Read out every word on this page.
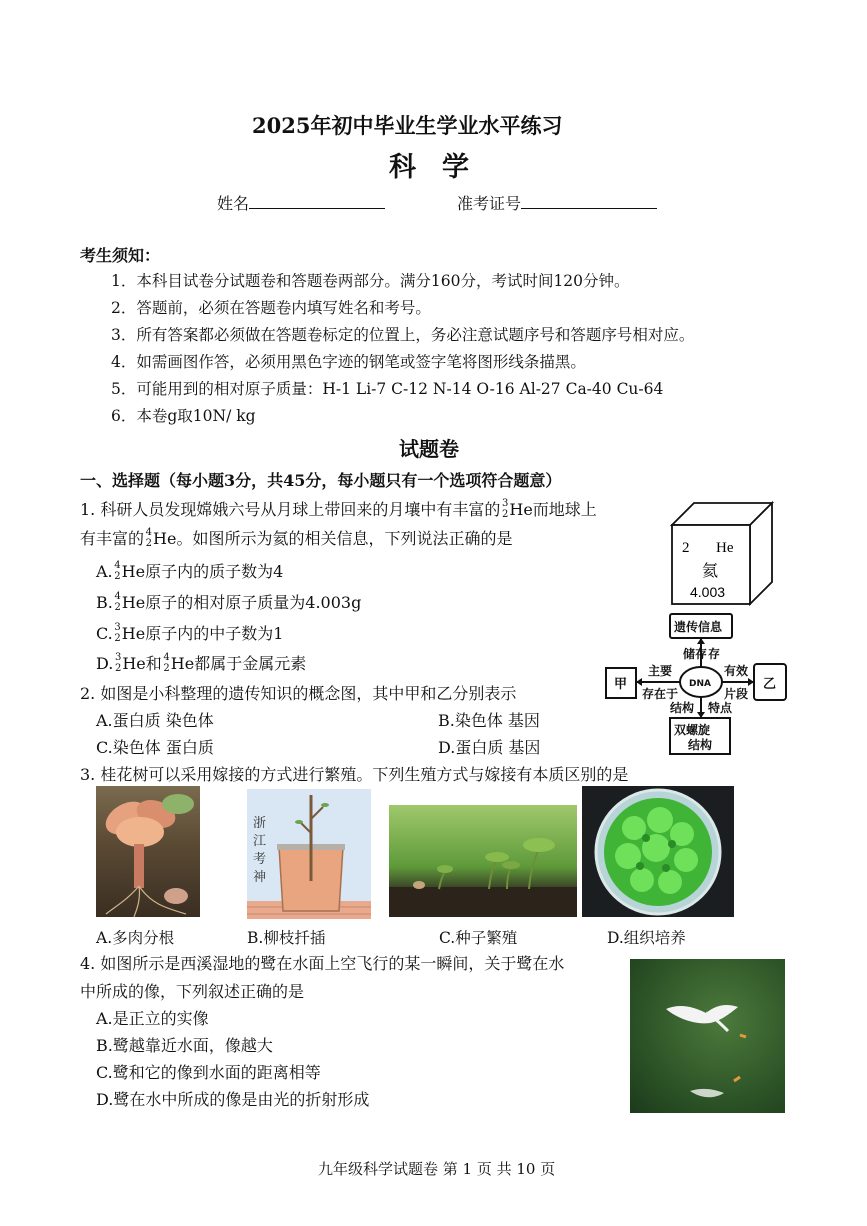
2025年初中毕业生学业水平练习
科学
姓名	准考证号
考生须知：
1．本科目试卷分试题卷和答题卷两部分。满分160分，考试时间120分钟。
2．答题前，必须在答题卷内填写姓名和考号。
3．所有答案都必须做在答题卷标定的位置上，务必注意试题序号和答题序号相对应。
4．如需画图作答，必须用黑色字迹的钢笔或签字笔将图形线条描黑。
5．可能用到的相对原子质量：H-1 Li-7 C-12 N-14 O-16 Al-27 Ca-40 Cu-64
6．本卷g取10N/ kg
试题卷
一、选择题（每小题3分，共45分，每小题只有一个选项符合题意）
1. 科研人员发现嫦娥六号从月球上带回来的月壤中有丰富的 3
2 He而地球上
有丰富的 4
2 He。如图所示为氦的相关信息，下列说法正确的是
A. 4
2 He原子内的质子数为4
B. 4
2 He原子的相对原子质量为4.003g
C. 3
2 He原子内的中子数为1
D. 3
2 He和 4
2 He都属于金属元素
2 He
氦
4.003
2. 如图是小科整理的遗传知识的概念图，其中甲和乙分别表示
A.蛋白质 染色体	B.染色体 基因
C.染色体 蛋白质	D.蛋白质 基因
遗传信息
甲	乙
双螺旋
结构
DNA
储存 存
主要
存在于
有效
片段
结构 特点
3. 桂花树可以采用嫁接的方式进行繁殖。下列生殖方式与嫁接有本质区别的是
A.多肉分根
浙
江
考
神
B.柳枝扦插	C.种子繁殖	D.组织培养
4. 如图所示是西溪湿地的鹭在水面上空飞行的某一瞬间，关于鹭在水
中所成的像，下列叙述正确的是
A.是正立的实像
B.鹭越靠近水面，像越大
C.鹭和它的像到水面的距离相等
D.鹭在水中所成的像是由光的折射形成
九年级科学试题卷 第 1 页 共 10 页
